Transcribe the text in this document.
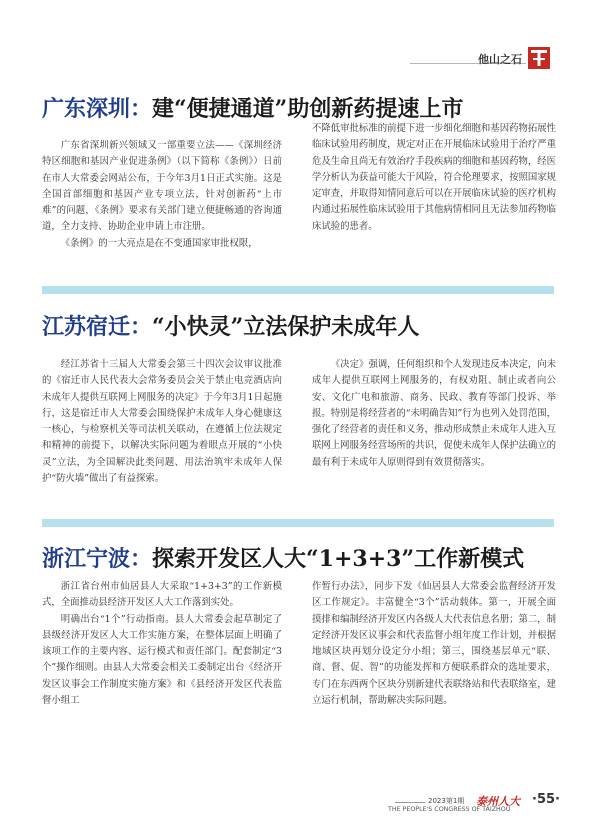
他山之石
广东深圳：建“便捷通道”助创新药提速上市

广东省深圳新兴领域又一部重要立法——《深圳经济特区细胞和基因产业促进条例》（以下简称《条例》）日前在市人大常委会网站公布，于今年3月1日正式实施。这是全国首部细胞和基因产业专项立法，针对创新药“上市难”的问题，《条例》要求有关部门建立便捷畅通的咨询通道，全力支持、协助企业申请上市注册。

《条例》的一大亮点是在不变通国家审批权限，

不降低审批标准的前提下进一步细化细胞和基因药物拓展性临床试验用药制度，规定对正在开展临床试验用于治疗严重危及生命且尚无有效治疗手段疾病的细胞和基因药物，经医学分析认为获益可能大于风险，符合伦理要求，按照国家规定审查，并取得知情同意后可以在开展临床试验的医疗机构内通过拓展性临床试验用于其他病情相同且无法参加药物临床试验的患者。

江苏宿迁：“小快灵”立法保护未成年人

经江苏省十三届人大常委会第三十四次会议审议批准的《宿迁市人民代表大会常务委员会关于禁止电竞酒店向未成年人提供互联网上网服务的决定》于今年3月1日起施行，这是宿迁市人大常委会围绕保护未成年人身心健康这一核心，与检察机关等司法机关联动，在遵循上位法规定和精神的前提下，以解决实际问题为着眼点开展的“小快灵”立法，为全国解决此类问题、用法治筑牢未成年人保护“防火墙”做出了有益探索。

《决定》强调，任何组织和个人发现违反本决定，向未成年人提供互联网上网服务的，有权劝阻、制止或者向公安、文化广电和旅游、商务、民政、教育等部门投诉、举报。特别是将经营者的“未明确告知”行为也列入处罚范围，强化了经营者的责任和义务，推动形成禁止未成年人进入互联网上网服务经营场所的共识，促使未成年人保护法确立的最有利于未成年人原则得到有效贯彻落实。

浙江宁波：探索开发区人大“1+3+3”工作新模式

浙江省台州市仙居县人大采取“1+3+3”的工作新模式，全面推动县经济开发区人大工作落到实处。

明确出台“1个”行动指南。县人大常委会起草制定了县级经济开发区人大工作实施方案，在整体层面上明确了该项工作的主要内容、运行模式和责任部门。配套制定“3个”操作细则。由县人大常委会相关工委制定出台《经济开发区议事会工作制度实施方案》和《县经济开发区代表监督小组工

作暂行办法》，同步下发《仙居县人大常委会监督经济开发区工作规定》。丰富健全“3个”活动载体。第一，开展全面摸排和编制经济开发区内各级人大代表信息名册；第二，制定经济开发区议事会和代表监督小组年度工作计划，并根据地域区块再划分设定分小组；第三，围绕基层单元“联、商、督、促、智”的功能发挥和方便联系群众的选址要求，专门在东西两个区块分别新建代表联络站和代表联络室，建立运行机制，帮助解决实际问题。

2023第1期 泰州人大 ·55·
THE PEOPLE'S CONGRESS OF TAIZHOU
